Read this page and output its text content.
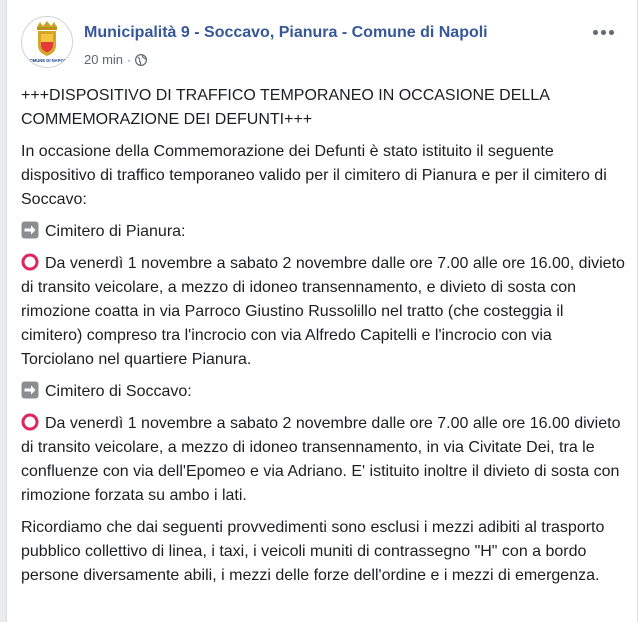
COMUNE DI NAPOLI
Municipalità 9 - Soccavo, Pianura - Comune di Napoli
20 min ·

+++DISPOSITIVO DI TRAFFICO TEMPORANEO IN OCCASIONE DELLA COMMEMORAZIONE DEI DEFUNTI+++

In occasione della Commemorazione dei Defunti è stato istituito il seguente dispositivo di traffico temporaneo valido per il cimitero di Pianura e per il cimitero di Soccavo:

Cimitero di Pianura:

Da venerdì 1 novembre a sabato 2 novembre dalle ore 7.00 alle ore 16.00, divieto di transito veicolare, a mezzo di idoneo transennamento, e divieto di sosta con rimozione coatta in via Parroco Giustino Russolillo nel tratto (che costeggia il cimitero) compreso tra l'incrocio con via Alfredo Capitelli e l'incrocio con via Torciolano nel quartiere Pianura.

Cimitero di Soccavo:

Da venerdì 1 novembre a sabato 2 novembre dalle ore 7.00 alle ore 16.00 divieto di transito veicolare, a mezzo di idoneo transennamento, in via Civitate Dei, tra le confluenze con via dell'Epomeo e via Adriano. E' istituito inoltre il divieto di sosta con rimozione forzata su ambo i lati.

Ricordiamo che dai seguenti provvedimenti sono esclusi i mezzi adibiti al trasporto pubblico collettivo di linea, i taxi, i veicoli muniti di contrassegno "H" con a bordo persone diversamente abili, i mezzi delle forze dell'ordine e i mezzi di emergenza.
